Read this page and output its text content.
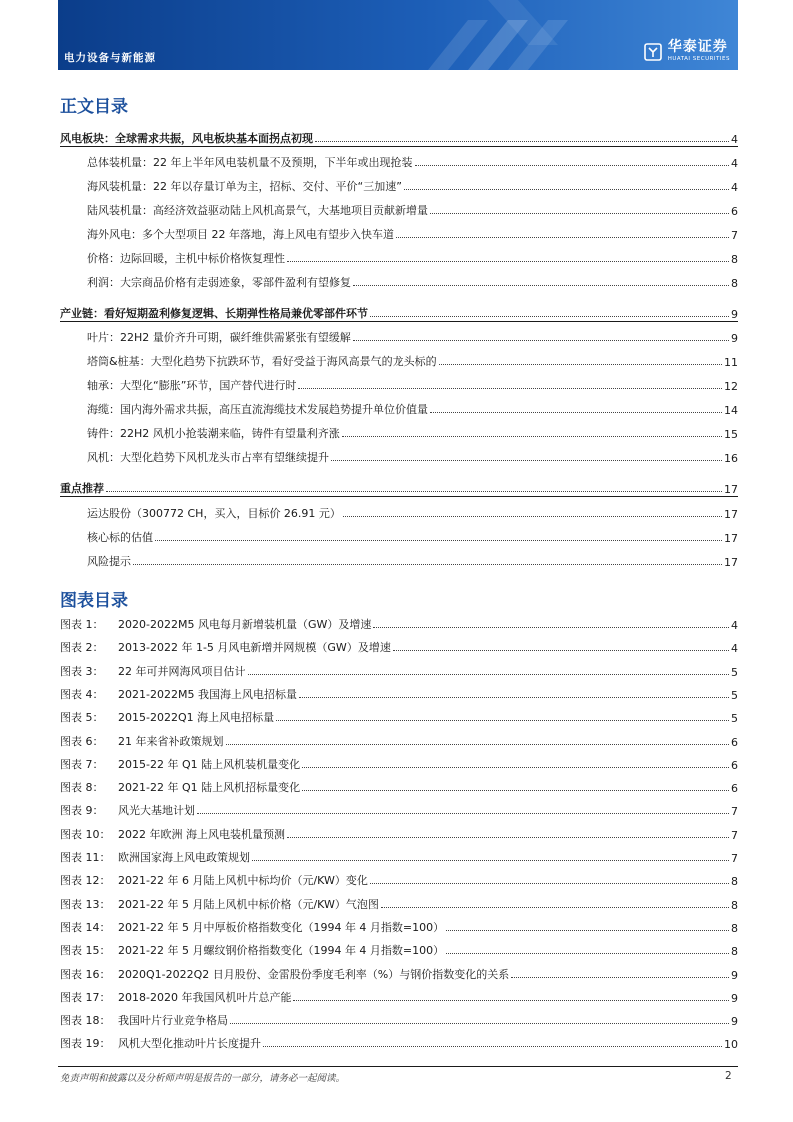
电力设备与新能源
华泰证券
HUATAI SECURITIES
正文目录
风电板块：全球需求共振，风电板块基本面拐点初现	4
总体装机量：22 年上半年风电装机量不及预期，下半年或出现抢装	4
海风装机量：22 年以存量订单为主，招标、交付、平价“三加速”	4
陆风装机量：高经济效益驱动陆上风机高景气，大基地项目贡献新增量	6
海外风电：多个大型项目 22 年落地，海上风电有望步入快车道	7
价格：边际回暖，主机中标价格恢复理性	8
利润：大宗商品价格有走弱迹象，零部件盈利有望修复	8
产业链：看好短期盈利修复逻辑、长期弹性格局兼优零部件环节	9
叶片：22H2 量价齐升可期，碳纤维供需紧张有望缓解	9
塔筒&桩基：大型化趋势下抗跌环节，看好受益于海风高景气的龙头标的	11
轴承：大型化“膨胀”环节，国产替代进行时	12
海缆：国内海外需求共振，高压直流海缆技术发展趋势提升单位价值量	14
铸件：22H2 风机小抢装潮来临，铸件有望量利齐涨	15
风机：大型化趋势下风机龙头市占率有望继续提升	16
重点推荐	17
运达股份（300772 CH，买入，目标价 26.91 元）	17
核心标的估值	17
风险提示	17
图表目录
图表 1： 2020-2022M5 风电每月新增装机量（GW）及增速	4
图表 2： 2013-2022 年 1-5 月风电新增并网规模（GW）及增速	4
图表 3： 22 年可并网海风项目估计	5
图表 4： 2021-2022M5 我国海上风电招标量	5
图表 5： 2015-2022Q1 海上风电招标量	5
图表 6： 21 年来省补政策规划	6
图表 7： 2015-22 年 Q1 陆上风机装机量变化	6
图表 8： 2021-22 年 Q1 陆上风机招标量变化	6
图表 9： 风光大基地计划	7
图表 10： 2022 年欧洲 海上风电装机量预测	7
图表 11： 欧洲国家海上风电政策规划	7
图表 12： 2021-22 年 6 月陆上风机中标均价（元/KW）变化	8
图表 13： 2021-22 年 5 月陆上风机中标价格（元/KW）气泡图	8
图表 14： 2021-22 年 5 月中厚板价格指数变化（1994 年 4 月指数=100）	8
图表 15： 2021-22 年 5 月螺纹钢价格指数变化（1994 年 4 月指数=100）	8
图表 16： 2020Q1-2022Q2 日月股份、金雷股份季度毛利率（%）与钢价指数变化的关系	9
图表 17： 2018-2020 年我国风机叶片总产能	9
图表 18： 我国叶片行业竞争格局	9
图表 19： 风机大型化推动叶片长度提升	10
免责声明和披露以及分析师声明是报告的一部分，请务必一起阅读。	2
